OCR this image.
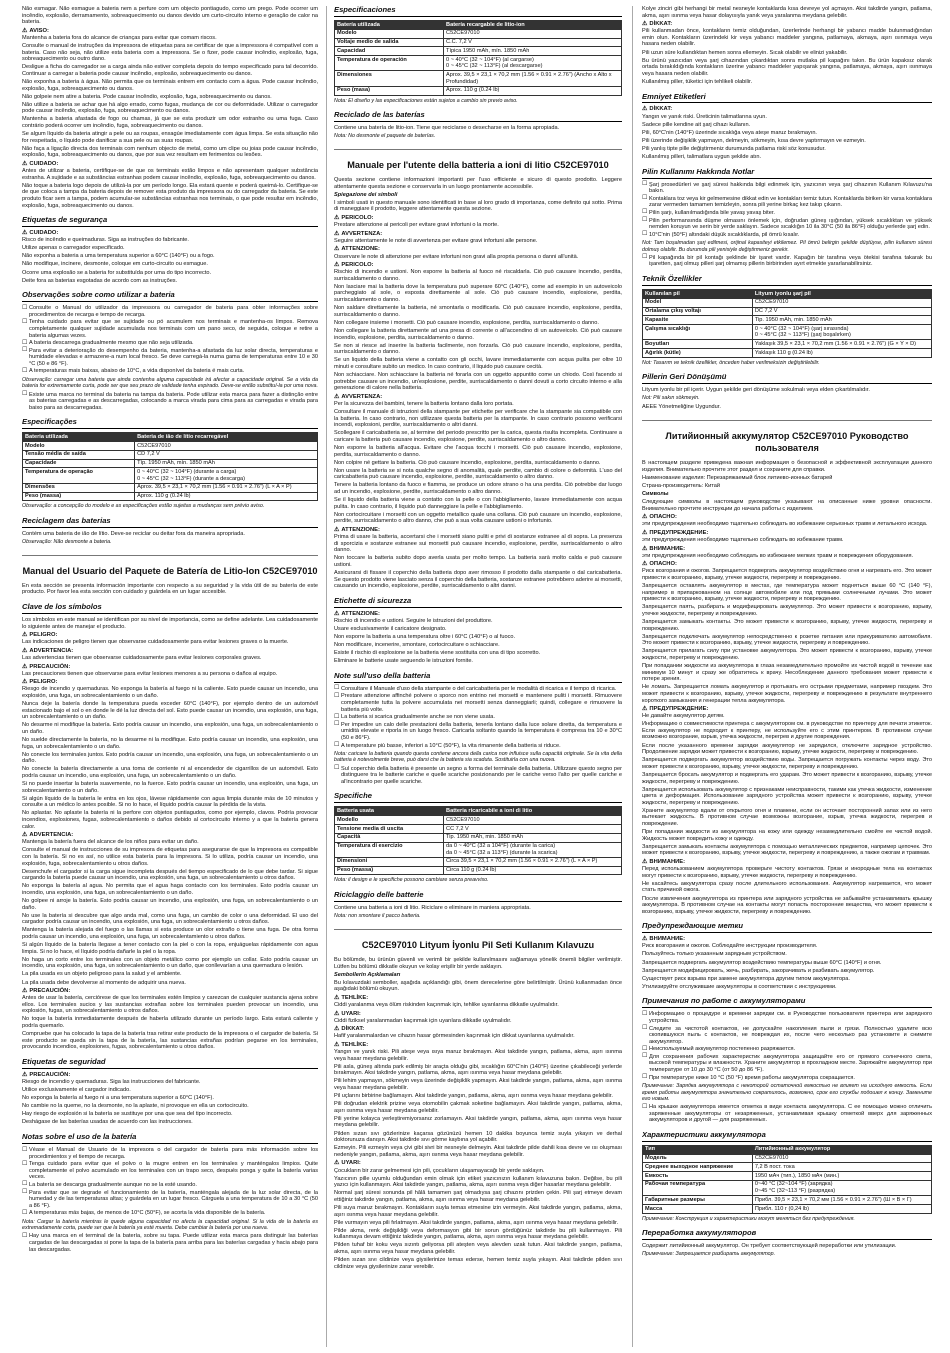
Não esmagar. Não esmague a bateria nem a perfure com um objecto pontiagudo, como um prego. Pode ocorrer um incêndio, explosão, derramamento, sobreaquecimento ou danos devido um curto-circuito interno e geração de calor na bateria.

⚠ AVISO:

Mantenha a bateria fora do alcance de crianças para evitar que comam riscos.

Consulte o manual de instruções da impressora de etiquetas para se certificar de que a impressora é compatível com a bateria. Caso não seja, não utilize esta bateria com a impressora. Se o fizer, pode causar incêndio, explosão, fuga, sobreaquecimento ou outro dano.

Desligue a ficha do carregador se a carga ainda não estiver completa depois do tempo especificado para tal decorrido. Continuar a carregar a bateria pode causar incêndio, explosão, sobreaquecimento ou danos.

Não exponha a bateria à água. Não permita que os terminais entrem em contacto com a água. Pode causar incêndio, explosão, fuga, sobreaquecimento ou danos.

Não golpeie nem atire a bateria. Pode causar incêndio, explosão, fuga, sobreaquecimento ou danos.

Não utilize a bateria se achar que há algo errado, como fugas, mudança de cor ou deformidade. Utilizar o carregador pode causar incêndio, explosão, fuga, sobreaquecimento ou danos.

Mantenha a bateria afastada de fogo ou chamas, já que se esta produzir um odor estranho ou uma fuga. Caso contrário poderá ocorrer um incêndio, fuga, sobreaquecimento ou danos.

Se algum líquido da bateria atingir a pele ou as roupas, enxagúe imediatamente com água limpa. Se esta situação não for respeitada, o líquido pode danificar a sua pele ou as suas roupas.

Não faça a ligação directa dos terminais com nenhum objecto de metal, como um clipe ou joias pode causar incêndio, explosão, fuga, sobreaquecimento ou danos, que por sua vez resultam em ferimentos ou lesões.

⚠ CUIDADO:

Antes de utilizar a bateria, certifique-se de que os terminais estão limpos e não apresentam qualquer substância estranha. A sujidade e as substâncias estranhas podem causar incêndio, explosão, fuga, sobreaquecimento ou danos.

Não toque a bateria logo depois de utilizá-la por um período longo. Ela estará quente e poderá queimá-lo. Certifique-se de que coloca a tampa da bateria depois de remover esta produto da impressora ou do carregador da bateria. Se este produto ficar sem a tampa, podem acumular-se substâncias estranhas nos terminais, o que pode resultar em incêndio, explosão, fuga, sobreaquecimento ou danos.

Etiquetas de segurança
⚠ CUIDADO:

Risco de incêndio e queimaduras. Siga as instruções do fabricante.

Utilize apenas o carregador especificado.

Não exponha a bateria a uma temperatura superior a 60°C (140°F) ou a fogo.

Não modifique, incinere, desmonte, coloque em curto-circuito ou esmague.

Ocorre uma explosão se a bateria for substituída por uma do tipo incorrecto.

Deite fora as baterias esgotadas de acordo com as instruções.

Observações sobre como utilizar a bateria
☐ Consulte o Manual do utilizador da impressora ou carregador de bateria para obter informações sobre procedimentos de recarga e tempo de recarga.
☐ Tenha cuidado para evitar que se sujidade ou pó acumulem nos terminais e mantenha-os limpos. Remova completamente qualquer sujidade acumulada nos terminais com um pano seco, de seguida, coloque e retire a bateria algumas vezes.
☐ A bateria descarrega gradualmente mesmo que não seja utilizada.
☐ Para evitar a deterioração do desempenho da bateria, mantenha-a afastada da luz solar directa, temperaturas e humidade elevadas e armazene-a num local fresco. Se deve carregá-la numa gama de temperaturas entre 10 e 30 °C (50 e 86 °F).
☐ A temperaturas mais baixas, abaixo de 10°C, a vida disponível da bateria é mais curta.

Observação: carregar uma bateria que ainda contenha alguma capacidade irá afectar a capacidade original. Se a vida da bateria for extremamente curta, pode ser que seu prazo de validade tenha expirado. Deve-se então substituí-la por uma nova.

☐ Existe uma marca no terminal da bateria na tampa da bateria. Pode utilizar esta marca para fazer a distinção entre as baterias carregadas e as descarregadas, colocando a marca virada para cima para as carregadas e virada para baixo para as descarregadas.
Especificações
Bateria utilizada	Bateria de ião de lítio recarregável
Modelo	C52CE97010
Tensão média de saída	CD 7,2 V
Capacidade	Típ. 1950 mAh, mín. 1850 mAh
Temperatura de operação	0 ~ 40°C (32 ~ 104°F) (durante a carga)
0 ~ 45°C (32 ~ 113°F) (durante a descarga)
Dimensões	Aprox. 39,5 × 23,1 × 70,2 mm (1.56 × 0.91 × 2.76") (L × A × P)
Peso (massa)	Aprox. 110 g (0.24 lb)

Observação: a concepção do modelo e as especificações estão sujeitas a mudanças sem prévio aviso.

Reciclagem das baterias

Contém uma bateria de ião de lítio. Deve-se reciclar ou deitar fora da maneira apropriada.

Observação: Não desmonte a bateria.

Manual del Usuario del Paquete de Batería de Litio-Ion C52CE97010

En esta sección se presenta información importante con respecto a su seguridad y la vida útil de su batería de este producto. Por favor lea esta sección con cuidado y guárdela en un lugar accesible.

Clave de los símbolos

Los símbolos en este manual se identifican por su nivel de importancia, como se define adelante. Lea cuidadosamente lo siguiente antes de manejar el producto.

⚠ PELIGRO:

Las indicaciones de peligro tienen que observarse cuidadosamente para evitar lesiones graves o la muerte.

⚠ ADVERTENCIA:

Las advertencias tienen que observarse cuidadosamente para evitar lesiones corporales graves.

⚠ PRECAUCIÓN:

Las precauciones tienen que observarse para evitar lesiones menores a su persona o daños al equipo.

⚠ PELIGRO:

Riesgo de incendio y quemaduras. No exponga la batería al fuego ni la caliente. Esto puede causar un incendio, una explosión, una fuga, un sobrecalentamiento o un daño.

Nunca deje la batería donde la temperatura pueda exceder 60°C (140°F), por ejemplo dentro de un automóvil estacionado bajo el sol o en donde le dé la luz directa del sol. Esto puede causar un incendio, una explosión, una fuga, un sobrecalentamiento o un daño.

No desarme ni modifique la batería. Esto podría causar un incendio, una explosión, una fuga, un sobrecalentamiento o un daño.

No suelde directamente la batería, no la desarme ni la modifique. Esto podría causar un incendio, una explosión, una fuga, un sobrecalentamiento o un daño.

No conecte los terminales juntos. Esto podría causar un incendio, una explosión, una fuga, un sobrecalentamiento o un daño.

No conecte la batería directamente a una toma de corriente ni al encendedor de cigarrillos de un automóvil. Esto podría causar un incendio, una explosión, una fuga, un sobrecalentamiento o un daño.

Si no puede insertar la batería suavemente, no la fuerce. Esto podría causar un incendio, una explosión, una fuga, un sobrecalentamiento o un daño.

Si algún líquido de la batería le entra en los ojos, lávese rápidamente con agua limpia durante más de 10 minutos y consulte a un médico lo antes posible. Si no lo hace, el líquido podría causar la pérdida de la vista.

No aplastar. No aplaste la batería ni la perfore con objetos puntiagudos, como por ejemplo, clavos. Podría provocar incendios, explosiones, fugas, sobrecalentamiento o daños debido al cortocircuito interno y a que la batería genera calor.

⚠ ADVERTENCIA:

Mantenga la batería fuera del alcance de los niños para evitar un daño.

Consulte el manual de instrucciones de su impresora de etiquetas para asegurarse de que la impresora es compatible con la batería. Si no es así, no utilice esta batería para la impresora. Si lo utiliza, podría causar un incendio, una explosión, fuga, sobrecalentamiento u otros daños.

Desenchufe el cargador si la carga sigue incompleta después del tiempo especificado de lo que debe tardar. Si sigue cargando la batería puede causar un incendio, una explosión, una fuga, un sobrecalentamiento u otros daños.

No exponga la batería al agua. No permita que el agua haga contacto con los terminales. Esto podría causar un incendio, una explosión, una fuga, un sobrecalentamiento o un daño.

No golpee ni arroje la batería. Esto podría causar un incendio, una explosión, una fuga, un sobrecalentamiento o un daño.

No use la batería si descubre que algo anda mal, como una fuga, un cambio de color o una deformidad. El uso del cargador podría causar un incendio, una explosión, una fuga, un sobrecalentamiento u otros daños.

Mantenga la batería alejada del fuego o las llamas si esta produce un olor extraño o tiene una fuga. De otra forma podría causar un incendio, una explosión, una fuga, un sobrecalentamiento u otros daños.

Si algún líquido de la batería llegase a tener contacto con la piel o con la ropa, enjuáguelas rápidamente con agua limpia. Si no lo hace, el líquido podría dañarle la piel o la ropa.

No haga un corto entre los terminales con un objeto metálico como por ejemplo un collar. Esto podría causar un incendio, una explosión, una fuga, un sobrecalentamiento o un daño, que conllevarían a una quemadura o lesión.

La pila usada es un objeto peligroso para la salud y el ambiente.

La pila usada debe devolverse al momento de adquirir una nueva.

⚠ PRECAUCIÓN:

Antes de usar la batería, cerciórese de que los terminales estén limpios y carezcan de cualquier sustancia ajena sobre ellos. Los terminales sucios y las sustancias extrañas sobre los terminales pueden provocar un incendio, una explosión, fugas, un sobrecalentamiento u otros daños.

No toque la batería inmediatamente después de haberla utilizado durante un período largo. Esta estará caliente y podría quemarlo.

Compruebe que ha colocado la tapa de la batería tras retirar este producto de la impresora o el cargador de batería. Si este producto se queda sin la tapa de la batería, las sustancias extrañas podrían pegarse en los terminales, provocando incendios, explosiones, fugas, sobrecalentamiento u otros daños.

Etiquetas de seguridad
⚠ PRECAUCIÓN:

Riesgo de incendio y quemaduras. Siga las instrucciones del fabricante.

Utilice exclusivamente el cargador indicado.

No exponga la batería al fuego ni a una temperatura superior a 60°C (140°F).

No cambie no la queme, no la desmonte, no la aplaste, ni provoque en ella un cortocircuito.

Hay riesgo de explosión si la batería se sustituye por una que sea del tipo incorrecto.

Deshágase de las baterías usadas de acuerdo con las instrucciones.

Notas sobre el uso de la batería
☐ Véase el Manual de Usuario de la impresora o del cargador de batería para más información sobre los procedimientos y el tiempo de recarga.
☐ Tenga cuidado para evitar que el polvo o la mugre entren en los terminales y manténgalos limpios. Quite completamente el polvo acumulado en los terminales con un trapo seco, después ponga y quite la batería varias veces.
☐ La batería se descarga gradualmente aunque no se la esté usando.
☐ Para evitar que se degrade el funcionamiento de la batería, manténgala alejada de la luz solar directa, de la humedad y de las temperaturas altas; y guárdela en un lugar fresco. Cárguela a una temperatura de 10 a 30 °C (50 a 86 °F).
☐ A temperaturas más bajas, de menos de 10°C (50°F), se acorta la vida disponible de la batería.

Nota: Cargar la batería mientras le quede alguna capacidad no afecta la capacidad original. Si la vida de la batería es extremadamente corta, puede ser que la batería ya esté muerta. Debe cambiar la batería por una nueva.

☐ Hay una marca en el terminal de la batería, sobre su tapa. Puede utilizar esta marca para distinguir las baterías cargadas de las descargadas si pone la tapa de la batería para arriba para las baterías cargadas y hacia abajo para las descargadas.
Especificaciones
Batería utilizada	Batería recargable de litio-ion
Modelo	C52CE97010
Voltaje medio de salida	C.C. 7,2 V
Capacidad	Típica 1950 mAh, mín. 1850 mAh
Temperatura de operación	0 ~ 40°C (32 ~ 104°F) (al cargarse)
0 ~ 45°C (32 ~ 113°F) (al descargarse)
Dimensiones	Aprox. 39,5 × 23,1 × 70,2 mm (1.56 × 0.91 × 2.76") (Ancho x Alto x Profundidad)
Peso (masa)	Aprox. 110 g (0.24 lb)

Nota: El diseño y las especificaciones están sujetos a cambio sin previo aviso.

Reciclado de las baterías

Contiene una batería de litio-ion. Tiene que reciclarse o desecharse en la forma apropiada.

Nota: No desmonte el paquete de baterías.

Manuale per l'utente della batteria a ioni di litio C52CE97010

Questa sezione contiene informazioni importanti per l'uso efficiente e sicuro di questo prodotto. Leggere attentamente questa sezione e conservarla in un luogo prontamente accessibile.

Spiegazione dei simboli

I simboli usati in questo manuale sono identificati in base al loro grado di importanza, come definito qui sotto. Prima di maneggiare il prodotto, leggere attentamente questa sezione.

⚠ PERICOLO:

Prestare attenzione ai pericoli per evitare gravi infortuni o la morte.

⚠ AVVERTENZA:

Seguire attentamente le note di avvertenza per evitare gravi infortuni alle persone.

⚠ ATTENZIONE:

Osservare le note di attenzione per evitare infortuni non gravi alla propria persona o danni all'unità.

⚠ PERICOLO:

Rischio di incendio e ustioni. Non esporre la batteria al fuoco né riscaldarla. Ciò può causare incendio, perdita, surriscaldamento o danno.

Non lasciare mai la batteria dove la temperatura può superare 60°C (140°F), come ad esempio in un autoveicolo parcheggiato al sole, o esposta direttamente al sole. Ciò può causare incendio, esplosione, perdita, surriscaldamento o danno.

Non saldare direttamente la batteria, né smontarla o modificarla. Ciò può causare incendio, esplosione, perdita, surriscaldamento o danno.

Non collegare insieme i morsetti. Ciò può causare incendio, esplosione, perdita, surriscaldamento o danno.

Non collegare la batteria direttamente ad una presa di corrente o all'accendino di un autoveicolo. Ciò può causare incendio, esplosione, perdita, surriscaldamento o danno.

Se non si riesce ad inserire la batteria facilmente, non forzarla. Ciò può causare incendio, esplosione, perdita, surriscaldamento o danno.

Se un liquido della batteria viene a contatto con gli occhi, lavare immediatamente con acqua pulita per oltre 10 minuti e consultare subito un medico. In caso contrario, il liquido può causare cecità.

Non schiacciare. Non schiacciare la batteria né forarla con un oggetto appuntito come un chiodo. Così facendo si potrebbe causare un incendio, un'esplosione, perdite, surriscaldamento o danni dovuti a corto circuito interno e alla generazione di calore nella batteria.

⚠ AVVERTENZA:

Per la sicurezza dei bambini, tenere la batteria lontano dalla loro portata.

Consultare il manuale di istruzioni della stampante per etichette per verificare che la stampante sia compatibile con la batteria. In caso contrario, non utilizzare questa batteria per la stampante. In caso contrario possono verificarsi incendi, esplosioni, perdite, surriscaldamento o altri danni.

Scollegare il caricabatteria se, al termine del periodo prescritto per la carica, questa risulta incompleta. Continuare a caricare la batteria può causare incendio, esplosione, perdite, surriscaldamento o altro danno.

Non esporre la batteria all'acqua. Evitare che l'acqua tocchi i morsetti. Ciò può causare incendio, esplosione, perdita, surriscaldamento o danno.

Non colpire né gettare la batteria. Ciò può causare incendio, esplosione, perdita, surriscaldamento o danno.

Non usare la batteria se si nota qualche segno di anomalità, quale perdite, cambio di colore o deformità. L'uso del caricabatteria può causare incendio, esplosione, perdite, surriscaldamento o altro danno.

Tenere la batteria lontano da fuoco e fiamma, se produce un odore strano o ha una perdita. Ciò potrebbe dar luogo ad un incendio, esplosione, perdite, surriscaldamento o altro danno.

Se il liquido della batteria viene a contatto con la pelle o con l'abbigliamento, lavare immediatamente con acqua pulita. In caso contrario, il liquido può danneggiare la pelle e l'abbigliamento.

Non cortocircuitare i morsetti con un oggetto metallico quale una collana. Ciò può causare un incendio, esplosione, perdite, surriscaldamento o altro danno, che può a sua volta causare ustioni o infortunio.

⚠ ATTENZIONE:

Prima di usare la batteria, accertarsi che i morsetti siano puliti e privi di sostanze estranee al di sopra. La presenza di sporcizia e sostanze estranee sui morsetti può causare incendio, esplosione, perdite, surriscaldamento o altro danno.

Non toccare la batteria subito dopo averla usata per molto tempo. La batteria sarà molto calda e può causare ustioni.

Assicurarsi di fissare il coperchio della batteria dopo aver rimosso il prodotto dalla stampante o dal caricabatteria. Se questo prodotto viene lasciato senza il coperchio della batteria, sostanze estranee potrebbero aderire ai morsetti, causando un incendio, esplosione, perdite, surriscaldamento o altri danni.

Etichette di sicurezza
⚠ ATTENZIONE:

Rischio di incendio e ustioni. Seguire le istruzioni del produttore.

Usare esclusivamente il caricatore designato.

Non esporre la batteria a una temperatura oltre i 60°C (140°F) o al fuoco.

Non modificare, incenerire, smontare, cortocircuitare o schiacciare.

Esiste il rischio di esplosione se la batteria viene sostituita con una di tipo scorretto.

Eliminare le batterie usate seguendo le istruzioni fornite.

Note sull'uso della batteria
☐ Consultare il Manuale d'uso della stampante o del caricabatteria per le modalità di ricarica e il tempo di ricarica.
☐ Prestare attenzione affinché polvere o sporco non entrino nei morsetti e mantenere puliti i morsetti. Rimuovere completamente tutta la polvere accumulata nei morsetti senza danneggiarli; quindi, collegare e rimuovere la batteria più volte.
☐ La batteria si scarica gradualmente anche se non viene usata.
☐ Per impedire un calo delle prestazioni della batteria, tenerla lontano dalla luce solare diretta, da temperatura e umidità elevate e riporla in un luogo fresco. Caricarla soltanto quando la temperatura è compresa tra 10 e 30°C (50 e 86°F).
☐ A temperature più basse, inferiori a 10°C (50°F), la vita rimanente della batteria si riduce.

Nota: caricare la batteria quando questa contiene ancora della carica non influisce sulla capacità originale. Se la vita della batteria è notevolmente breve, può darsi che la batteria sia scaduta. Sostituirla con una nuova.

☐ Sul coperchio della batteria è presente un segno a forma del terminale della batteria. Utilizzare questo segno per distinguere tra le batterie cariche e quelle scariche posizionando per le cariche verso l'alto per quelle cariche e al'incontrario per quelle scariche.
Specifiche
Batteria usata	Batteria ricaricabile a ioni di litio
Modello	C52CE97010
Tensione media di uscita	CC 7,2 V
Capacità	Tip. 1950 mAh, min. 1850 mAh
Temperatura di esercizio	da 0 ~ 40°C (32 a 104°F) (durante la carica)
da 0 ~ 45°C (32 a 113°F) (durante la scarica)
Dimensioni	Circa 39,5 × 23,1 × 70,2 mm (1.56 × 0.91 × 2.76") (L × A × P)
Peso (massa)	Circa 110 g (0.24 lb)

Nota: il design e le specifiche possono cambiare senza preavviso.

Riciclaggio delle batterie

Contiene una batteria a ioni di litio. Riciclare o eliminare in maniera appropriata.

Nota: non smontare il pacco batteria.

C52CE97010 Lityum İyonlu Pil Seti Kullanım Kılavuzu

Bu bölümde, bu ürünün güvenli ve verimli bir şekilde kullanılmasını sağlamaya yönelik önemli bilgiler verilmiştir. Lütfen bu bölümü dikkatle okuyun ve kolay erişilir bir yerde saklayın.

Sembollerin Açıklamaları

Bu kılavuzdaki semboller, aşağıda açıklandığı gibi, önem derecelerine göre belirtilmiştir. Ürünü kullanmadan önce aşağıdaki bölümü okuyun.

⚠ TEHLİKE:

Ciddi yaralanma veya ölüm riskinden kaçınmak için, tehlike uyarılarına dikkatle uyulmalıdır.

⚠ UYARI:

Ciddi fiziksel yaralanmadan kaçınmak için uyarılara dikkatle uyulmalıdır.

⚠ DİKKAT:

Hafif yaralanmalardan ve cihazın hasar görmesinden kaçınmak için dikkat uyarılarına uyulmalıdır.

⚠ TEHLİKE:

Yangın ve yanık riski. Pili ateşe veya ısıya maruz bırakmayın. Aksi takdirde yangın, patlama, akma, aşırı ısınma veya hasar meydana gelebilir.

Pili asla, güneş altında park edilmiş bir araçta olduğu gibi, sıcaklığın 60°C'nin (140°F) üzerine çıkabileceği yerlerde bırakmayın. Aksi takdirde yangın, patlama, akma, aşırı ısınma veya hasar meydana gelebilir.

Pili lehim yapmayın, sökmeyin veya üzerinde değişiklik yapmayın. Aksi takdirde yangın, patlama, akma, aşırı ısınma veya hasar meydana gelebilir.

Pil uçlarını birbirine bağlamayın. Aksi takdirde yangın, patlama, akma, aşırı ısınma veya hasar meydana gelebilir.

Pili doğrudan elektrik prizine veya otomobilin çakmak soketine bağlamayın. Aksi takdirde yangın, patlama, akma, aşırı ısınma veya hasar meydana gelebilir.

Pili yerine kolayca yerleştiremiyorsanız zorlamayın. Aksi takdirde yangın, patlama, akma, aşırı ısınma veya hasar meydana gelebilir.

Pilden sızan sıvı gözlerinize kaçarsa gözünüzü hemen 10 dakika boyunca temiz suyla yıkayın ve derhal doktorunuza danışın. Aksi takdirde sıvı görme kaybına yol açabilir.

Ezmeyin. Pili ezmeyin veya çivi gibi sivri bir nesneyle delmeyin. Aksi takdirde pilde dahili kısa devre ve ısı oluşması nedeniyle yangın, patlama, akma, aşırı ısınma veya hasar meydana gelebilir.

⚠ UYARI:

Çocukların bir zarar gelmemesi için pili, çocukların ulaşamayacağı bir yerde saklayın.

Yazıcının pille uyumlu olduğundan emin olmak için etiket yazıcınızın kullanım kılavuzuna bakın. Değilse, bu pili yazıcı için kullanmayın. Aksi takdirde yangın, patlama, akma, aşırı ısınma veya diğer hasarlar meydana gelebilir.

Normal şarj süresi sonunda pil hâlâ tamamen şarj olmadıysa şarj cihazını prizden çekin. Pili şarj etmeye devam ettiğiniz takdirde yangın, patlama, akma, aşırı ısınma veya hasar meydana gelebilir.

Pili suya maruz bırakmayın. Kontakların suyla temas etmesine izin vermeyin. Aksi takdirde yangın, patlama, akma, aşırı ısınma veya hasar meydana gelebilir.

Pile vurmayın veya pili fırlatmayın. Aksi takdirde yangın, patlama, akma, aşırı ısınma veya hasar meydana gelebilir.

Pilde akma, renk değişikliği veya deformasyon gibi bir sorun gördüğünüz takdirde bu pili kullanmayın. Pili kullanmaya devam ettiğiniz takdirde yangın, patlama, akma, aşırı ısınma veya hasar meydana gelebilir.

Pilden tuhaf bir koku veya sızıntı geliyorsa pili ateşten veya alevden uzak tutun. Aksi takdirde yangın, patlama, akma, aşırı ısınma veya hasar meydana gelebilir.

Pilden sızan sıvı cildinize veya giysilerinize temas ederse, hemen temiz suyla yıkayın. Aksi takdirde pilden sıvı cildinize veya giysilerinize zarar verebilir.

Kolye zinciri gibi herhangi bir metal nesneyle kontaklarda kısa devreye yol açmayın. Aksi takdirde yangın, patlama, akma, aşırı ısınma veya hasar dolayısıyla yanık veya yaralanma meydana gelebilir.

⚠ DİKKAT:

Pili kullanmadan önce, kontakların temiz olduğundan, üzerlerinde herhangi bir yabancı madde bulunmadığından emin olun. Kontakların üzerindeki kir veya yabancı maddeler yangına, patlamaya, akmaya, aşırı ısınmaya veya hasara neden olabilir.

Pili uzun süre kullandıktan hemen sonra ellemeyin. Sıcak olabilir ve elinizi yakabilir.

Bu ürünü yazıcıdan veya şarj cihazından çıkardıktan sonra mutlaka pil kapağını takın. Bu ürün kapaksız olarak ortada bırakıldığında kontakların üzerine yabancı maddeler yapışarak yangına, patlamaya, akmaya, aşırı ısınmaya veya hasara neden olabilir.

Kullanılmış piller, tüketici için tehlikeli olabilir.

Emniyet Etiketleri
⚠ DİKKAT:

Yangın ve yanık riski. Üreticinin talimatlarına uyun.

Sadece pille kendine ait şarj cihazı kullanın.

Pili, 60°C'nin (140°F) üzerinde sıcaklığa veya ateşe maruz bırakmayın.

Pili üzerinde değişiklik yapmayın, delmeyin, sökmeyin, kısa devre yaptırmayın ve ezmeyin.

Pili yanlış tipte pille değiştirmeniz durumunda patlama riski söz konusudur.

Kullanılmış pilleri, talimatlara uygun şekilde atın.

Pilin Kullanımı Hakkında Notlar
☐ Şarj prosedürleri ve şarj süresi hakkında bilgi edinmek için, yazıcının veya şarj cihazının Kullanım Kılavuzu'na bakın.
☐ Kontaklara toz veya kir gelmemesine dikkat edin ve kontakları temiz tutun. Kontaklarda biriken kir varsa kontaklara zarar vermeden tamamen temizleyin, sonra pili yerine birkaç kez takıp çıkarın.
☐ Pilin şarjı, kullanılmadığında bile yavaş yavaş biter.
☐ Pilin performansında düşme olmasını önlemek için, doğrudan güneş ışığından, yüksek sıcaklıktan ve yüksek nemden koruyun ve serin bir yerde saklayın. Sadece sıcaklığın 10 ila 30°C (50 ila 86°F) olduğu yerlerde şarj edin.
☐ 10°C'nin (50°F) altındaki düşük sıcaklıklarda, pil ömrü kısalır.

Not: Tam boşalmadan şarj edilmesi, orijinal kapasiteyi etkilemez. Pil ömrü belirgin şekilde düştüyse, pilin kullanım süresi dolmuş olabilir. Bu durumda pili yenisiyle değiştirmeniz gerekir.

☐ Pil kapağında bir pil kontağı şeklinde bir işaret vardır. Kapağın bir tarafına veya ötekisi tarafına takarak bu işaretten, şarj olmuş pilleri şarj olmamış pillerin birbirinden ayırt etmekte yararlanabilirsiniz.
Teknik Özellikler
Kullanılan pil	Lityum iyonlu şarj pil
Model	C52CE97010
Ortalama çıkış voltajı	DC 7,2 V
Kapasite	Tip. 1950 mAh, min. 1850 mAh
Çalışma sıcaklığı	0 ~ 40°C (32 ~ 104°F) (şarj sırasında)
0 ~ 45°C (32 ~ 113°F) (şarj boşalırken)
Boyutları	Yaklaşık 39,5 × 23,1 × 70,2 mm (1.56 × 0.91 × 2.76") (G × Y × D)
Ağırlık (kütle)	Yaklaşık 110 g (0.24 lb)

Not: Tasarım ve teknik özellikler, önceden haber verilmeksizin değiştirilebilir.

Pillerin Geri Dönüşümü

Lityum iyonlu bir pil içerir. Uygun şekilde geri dönüşüme sokulmalı veya elden çıkartılmalıdır.

Not: Pili sakın sökmeyin.

AEEE Yönetmeliğine Uygundur.

Литийионный аккумулятор C52CE97010 Руководство пользователя

В настоящем разделе приведена важная информация о безопасной и эффективной эксплуатации данного изделия. Внимательно прочтите этот раздел и сохраните для справки.

Наименование изделия: Перезаряжаемый блок литиево-ионных батарей

Страна-производитель: Китай

Символы

Следующие символы в настоящем руководстве указывают на описанные ниже уровни опасности. Внимательно прочтите инструкции до начала работы с изделием.

⚠ ОПАСНО:

эти предупреждения необходимо тщательно соблюдать во избежание серьезных травм и летального исхода.

⚠ ПРЕДУПРЕЖДЕНИЕ:

эти предупреждения необходимо тщательно соблюдать во избежание травм.

⚠ ВНИМАНИЕ:

эти предупреждения необходимо соблюдать во избежание мелких травм и повреждения оборудования.

⚠ ОПАСНО:

Риск возгорания и ожогов. Запрещается подвергать аккумулятор воздействию огня и нагревать его. Это может привести к возгоранию, взрыву, утечке жидкости, перегреву и повреждению.

Запрещается оставлять аккумулятор в местах, где температура может подняться выше 60 °C (140 °F), например в припаркованном на солнце автомобиле или под прямыми солнечными лучами. Это может привести к возгоранию, взрыву, утечке жидкости, перегреву и повреждению.

Запрещается паять, разбирать и модифицировать аккумулятор. Это может привести к возгоранию, взрыву, утечке жидкости, перегреву и повреждению.

Запрещается замыкать контакты. Это может привести к возгоранию, взрыву, утечке жидкости, перегреву и повреждению.

Запрещается подключать аккумулятор непосредственно к розетке питания или прикуривателю автомобиля. Это может привести к возгоранию, взрыву, утечке жидкости, перегреву и повреждению.

Запрещается прилагать силу при установке аккумулятора. Это может привести к возгоранию, взрыву, утечке жидкости, перегреву и повреждению.

При попадании жидкости из аккумулятора в глаза незамедлительно промойте их чистой водой в течение как минимум 10 минут и сразу же обратитесь к врачу. Несоблюдение данного требования может привести к потере зрения.

Не ломать. Запрещается ломать аккумулятор и протыкать его острыми предметами, например гвоздем. Это может привести к возгоранию, взрыву, утечке жидкости, перегреву и повреждению в результате внутреннего короткого замыкания и генерации тепла аккумулятора.

⚠ ПРЕДУПРЕЖДЕНИЕ:

Не давайте аккумулятор детям.

Информацию о совместимости принтера с аккумулятором см. в руководстве по принтеру для печати этикеток. Если аккумулятор не подходит к принтеру, не используйте его с этим принтером. В противном случае возможно возгорание, взрыв, утечка жидкости, перегрев и другие повреждения.

Если после указанного времени зарядки аккумулятор не зарядился, отключите зарядное устройство. Продолжение зарядки может привести к возгоранию, взрыву, утечке жидкости, перегреву и повреждению.

Запрещается подвергать аккумулятор воздействию воды. Запрещается погружать контакты через воду. Это может привести к возгоранию, взрыву, утечке жидкости, перегреву и повреждению.

Запрещается бросать аккумулятор и подвергать его ударам. Это может привести к возгоранию, взрыву, утечке жидкости, перегреву и повреждению.

Запрещается использовать аккумулятор с признаками неисправности, такими как утечка жидкости, изменение цвета и деформация. Использование зарядного устройства может привести к возгоранию, взрыву, утечке жидкости, перегреву и повреждению.

Храните аккумулятор вдали от открытого огня и пламени, если он источает посторонний запах или из него вытекает жидкость. В противном случае возможны возгорание, взрыв, утечка жидкости, перегрев и повреждение.

При попадании жидкости из аккумулятора на кожу или одежду незамедлительно смойте ее чистой водой. Жидкость может повредить кожу и одежду.

Запрещается замыкать контакты аккумулятора с помощью металлических предметов, например цепочек. Это может привести к возгоранию, взрыву, утечке жидкости, перегреву и повреждению, а также ожогам и травмам.

⚠ ВНИМАНИЕ:

Перед использованием аккумулятора проверьте чистоту контактов. Грязи и инородные тела на контактах могут привести к возгоранию, взрыву, утечке жидкости, перегреву и повреждению.

Не касайтесь аккумулятора сразу после длительного использования. Аккумулятор нагревается, что может стать причиной ожога.

После извлечения аккумулятора из принтера или зарядного устройства не забывайте устанавливать крышку аккумулятора. В противном случае на контакты могут попасть посторонние вещества, что может привести к возгоранию, взрыву, утечке жидкости, перегреву и повреждению.

Предупреждающие метки
⚠ ВНИМАНИЕ:

Риск возгорания и ожогов. Соблюдайте инструкции производителя.

Пользуйтесь только указанным зарядным устройством.

Запрещается подвергать аккумулятор воздействию температуры выше 60°C (140°F) и огня.

Запрещается модифицировать, жечь, разбирать, закорачивать и разбивать аккумулятор.

Существует риск взрыва при замене аккумулятора другим типом аккумулятора.

Утилизируйте отслужившие аккумуляторы в соответствии с инструкциями.

Примечания по работе с аккумуляторами
☐ Информацию о процедуре и времени зарядки см. в Руководстве пользователя принтера или зарядного устройства.
☐ Следите за чистотой контактов, не допускайте накопления пыли и грязи. Полностью удалите всю скопившуюся пыль с контактов, не повреждая их, после чего несколько раз установите и снимите аккумулятор.
☐ Неиспользуемый аккумулятор постепенно разряжается.
☐ Для сохранения рабочих характеристик аккумулятора защищайте его от прямого солнечного света, высокой температуры и влажности. Храните аккумулятор в прохладном месте. Заряжайте аккумулятор при температуре от 10 до 30 °C (от 50 до 86 °F).
☐ При температуре ниже 10 °C (50 °F) время работы аккумулятора сокращается.

Примечание: Зарядка аккумулятора с некоторой остаточной емкостью не влияет на исходную емкость. Если время работы аккумулятора значительно сократилось, возможно, срок его службы подошел к концу. Замените его новым.

☐ На крышке аккумулятора имеется отметка в виде контакта аккумулятора. С ее помощью можно отличить заряженные аккумуляторы от незаряженных, устанавливая крышку отметкой вверх для заряженных аккумуляторов и другой — для разряженных.
Характеристики аккумулятора
Тип	Литийионный аккумулятор
Модель	C52CE97010
Среднее выходное напряжение	7,2 В пост. тока
Емкость	1950 мАч (тип.), 1850 мАч (мин.)
Рабочая температура	0~40 °C (32~104 °F) (зарядка)
0~45 °C (32~113 °F) (разрядка)
Габаритные размеры	Прибл. 39,5 × 23,1 × 70,2 мм (1.56 × 0.91 × 2.76") (Ш × В × Г)
Масса	Прибл. 110 г (0,24 lb)

Примечание: Конструкция и характеристики могут меняться без предупреждения.

Переработка аккумуляторов

Содержит литийионный аккумулятор. Он требует соответствующей переработки или утилизации.

Примечание: Запрещается разбирать аккумулятор.
